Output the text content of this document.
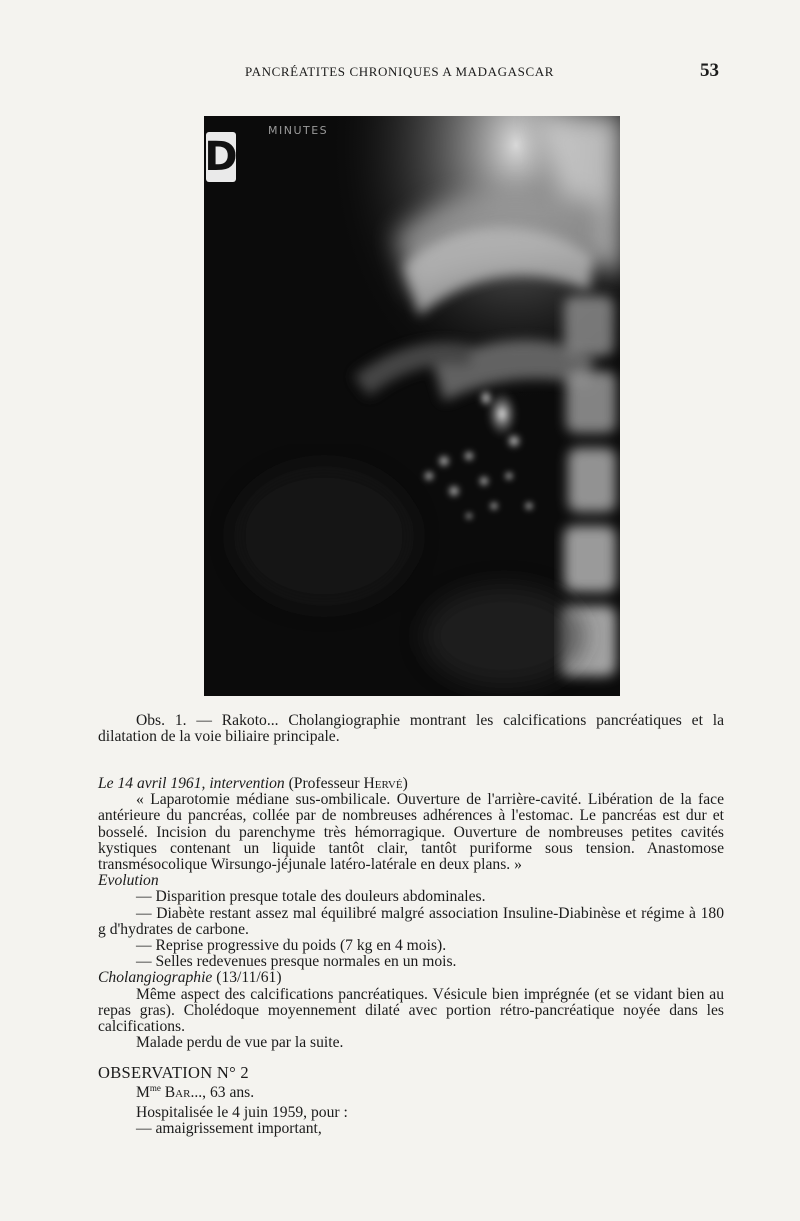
PANCRÉATITES CHRONIQUES A MADAGASCAR	53
D
MINUTES

Obs. 1. — Rakoto... Cholangiographie montrant les calcifications pancréatiques et la dilatation de la voie biliaire principale.

Le 14 avril 1961, intervention (Professeur Hervé)

« Laparotomie médiane sus-ombilicale. Ouverture de l'arrière-cavité. Libération de la face antérieure du pancréas, collée par de nombreuses adhérences à l'estomac. Le pancréas est dur et bosselé. Incision du parenchyme très hémorragique. Ouverture de nombreuses petites cavités kystiques contenant un liquide tantôt clair, tantôt puriforme sous tension. Anastomose transmésocolique Wirsungo-jéjunale latéro-latérale en deux plans. »

Evolution

— Disparition presque totale des douleurs abdominales.

— Diabète restant assez mal équilibré malgré association Insuline-Diabinèse et régime à 180 g d'hydrates de carbone.

— Reprise progressive du poids (7 kg en 4 mois).

— Selles redevenues presque normales en un mois.

Cholangiographie (13/11/61)

Même aspect des calcifications pancréatiques. Vésicule bien imprégnée (et se vidant bien au repas gras). Cholédoque moyennement dilaté avec portion rétro-pancréatique noyée dans les calcifications.

Malade perdu de vue par la suite.

OBSERVATION N° 2

$M^{me}$ Bar..., 63 ans.

Hospitalisée le 4 juin 1959, pour :

— amaigrissement important,
